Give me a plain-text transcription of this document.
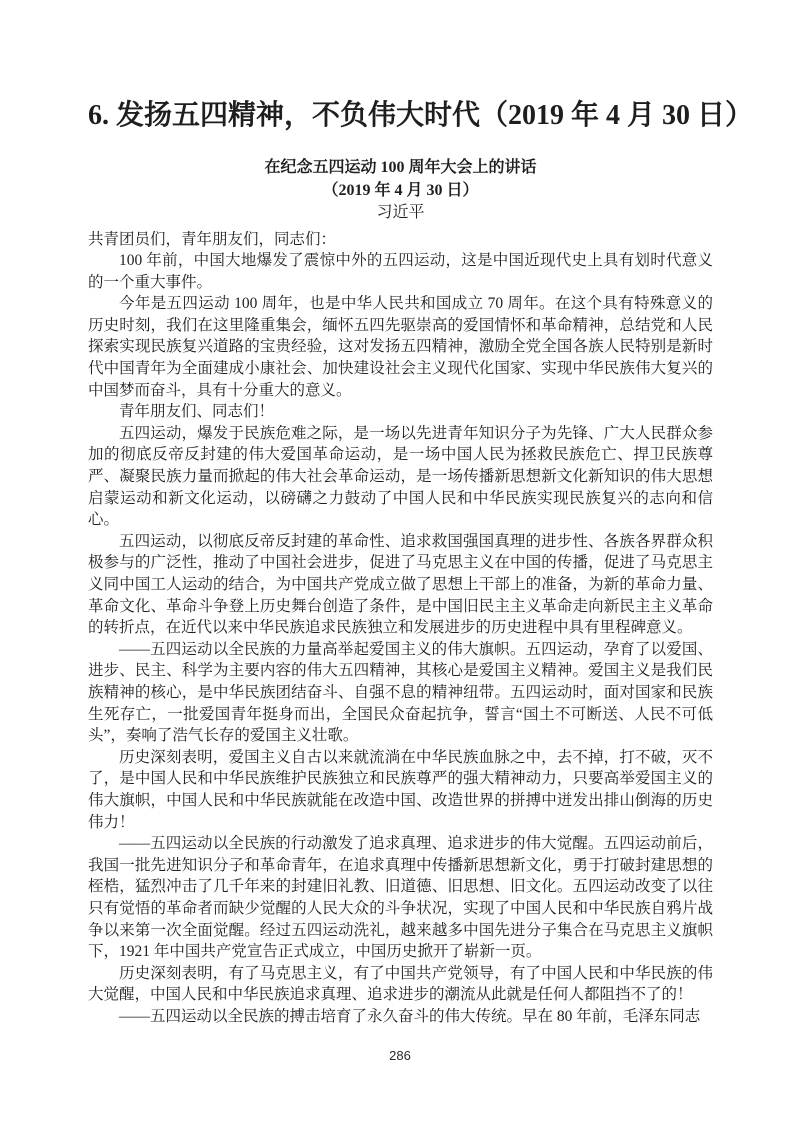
6. 发扬五四精神，不负伟大时代（2019 年 4 月 30 日）
在纪念五四运动 100 周年大会上的讲话
（2019 年 4 月 30 日）
习近平

共青团员们，青年朋友们，同志们：

100 年前，中国大地爆发了震惊中外的五四运动，这是中国近现代史上具有划时代意义的一个重大事件。

今年是五四运动 100 周年，也是中华人民共和国成立 70 周年。在这个具有特殊意义的历史时刻，我们在这里隆重集会，缅怀五四先驱崇高的爱国情怀和革命精神，总结党和人民探索实现民族复兴道路的宝贵经验，这对发扬五四精神，激励全党全国各族人民特别是新时代中国青年为全面建成小康社会、加快建设社会主义现代化国家、实现中华民族伟大复兴的中国梦而奋斗，具有十分重大的意义。

青年朋友们、同志们！

五四运动，爆发于民族危难之际，是一场以先进青年知识分子为先锋、广大人民群众参加的彻底反帝反封建的伟大爱国革命运动，是一场中国人民为拯救民族危亡、捍卫民族尊严、凝聚民族力量而掀起的伟大社会革命运动，是一场传播新思想新文化新知识的伟大思想启蒙运动和新文化运动，以磅礴之力鼓动了中国人民和中华民族实现民族复兴的志向和信心。

五四运动，以彻底反帝反封建的革命性、追求救国强国真理的进步性、各族各界群众积极参与的广泛性，推动了中国社会进步，促进了马克思主义在中国的传播，促进了马克思主义同中国工人运动的结合，为中国共产党成立做了思想上干部上的准备，为新的革命力量、革命文化、革命斗争登上历史舞台创造了条件，是中国旧民主主义革命走向新民主主义革命的转折点，在近代以来中华民族追求民族独立和发展进步的历史进程中具有里程碑意义。

——五四运动以全民族的力量高举起爱国主义的伟大旗帜。五四运动，孕育了以爱国、进步、民主、科学为主要内容的伟大五四精神，其核心是爱国主义精神。爱国主义是我们民族精神的核心，是中华民族团结奋斗、自强不息的精神纽带。五四运动时，面对国家和民族生死存亡，一批爱国青年挺身而出，全国民众奋起抗争，誓言“国土不可断送、人民不可低头”，奏响了浩气长存的爱国主义壮歌。

历史深刻表明，爱国主义自古以来就流淌在中华民族血脉之中，去不掉，打不破，灭不了，是中国人民和中华民族维护民族独立和民族尊严的强大精神动力，只要高举爱国主义的伟大旗帜，中国人民和中华民族就能在改造中国、改造世界的拼搏中迸发出排山倒海的历史伟力！

——五四运动以全民族的行动激发了追求真理、追求进步的伟大觉醒。五四运动前后，我国一批先进知识分子和革命青年，在追求真理中传播新思想新文化，勇于打破封建思想的桎梏，猛烈冲击了几千年来的封建旧礼教、旧道德、旧思想、旧文化。五四运动改变了以往只有觉悟的革命者而缺少觉醒的人民大众的斗争状况，实现了中国人民和中华民族自鸦片战争以来第一次全面觉醒。经过五四运动洗礼，越来越多中国先进分子集合在马克思主义旗帜下，1921 年中国共产党宣告正式成立，中国历史掀开了崭新一页。

历史深刻表明，有了马克思主义，有了中国共产党领导，有了中国人民和中华民族的伟大觉醒，中国人民和中华民族追求真理、追求进步的潮流从此就是任何人都阻挡不了的！

——五四运动以全民族的搏击培育了永久奋斗的伟大传统。早在 80 年前，毛泽东同志

286
